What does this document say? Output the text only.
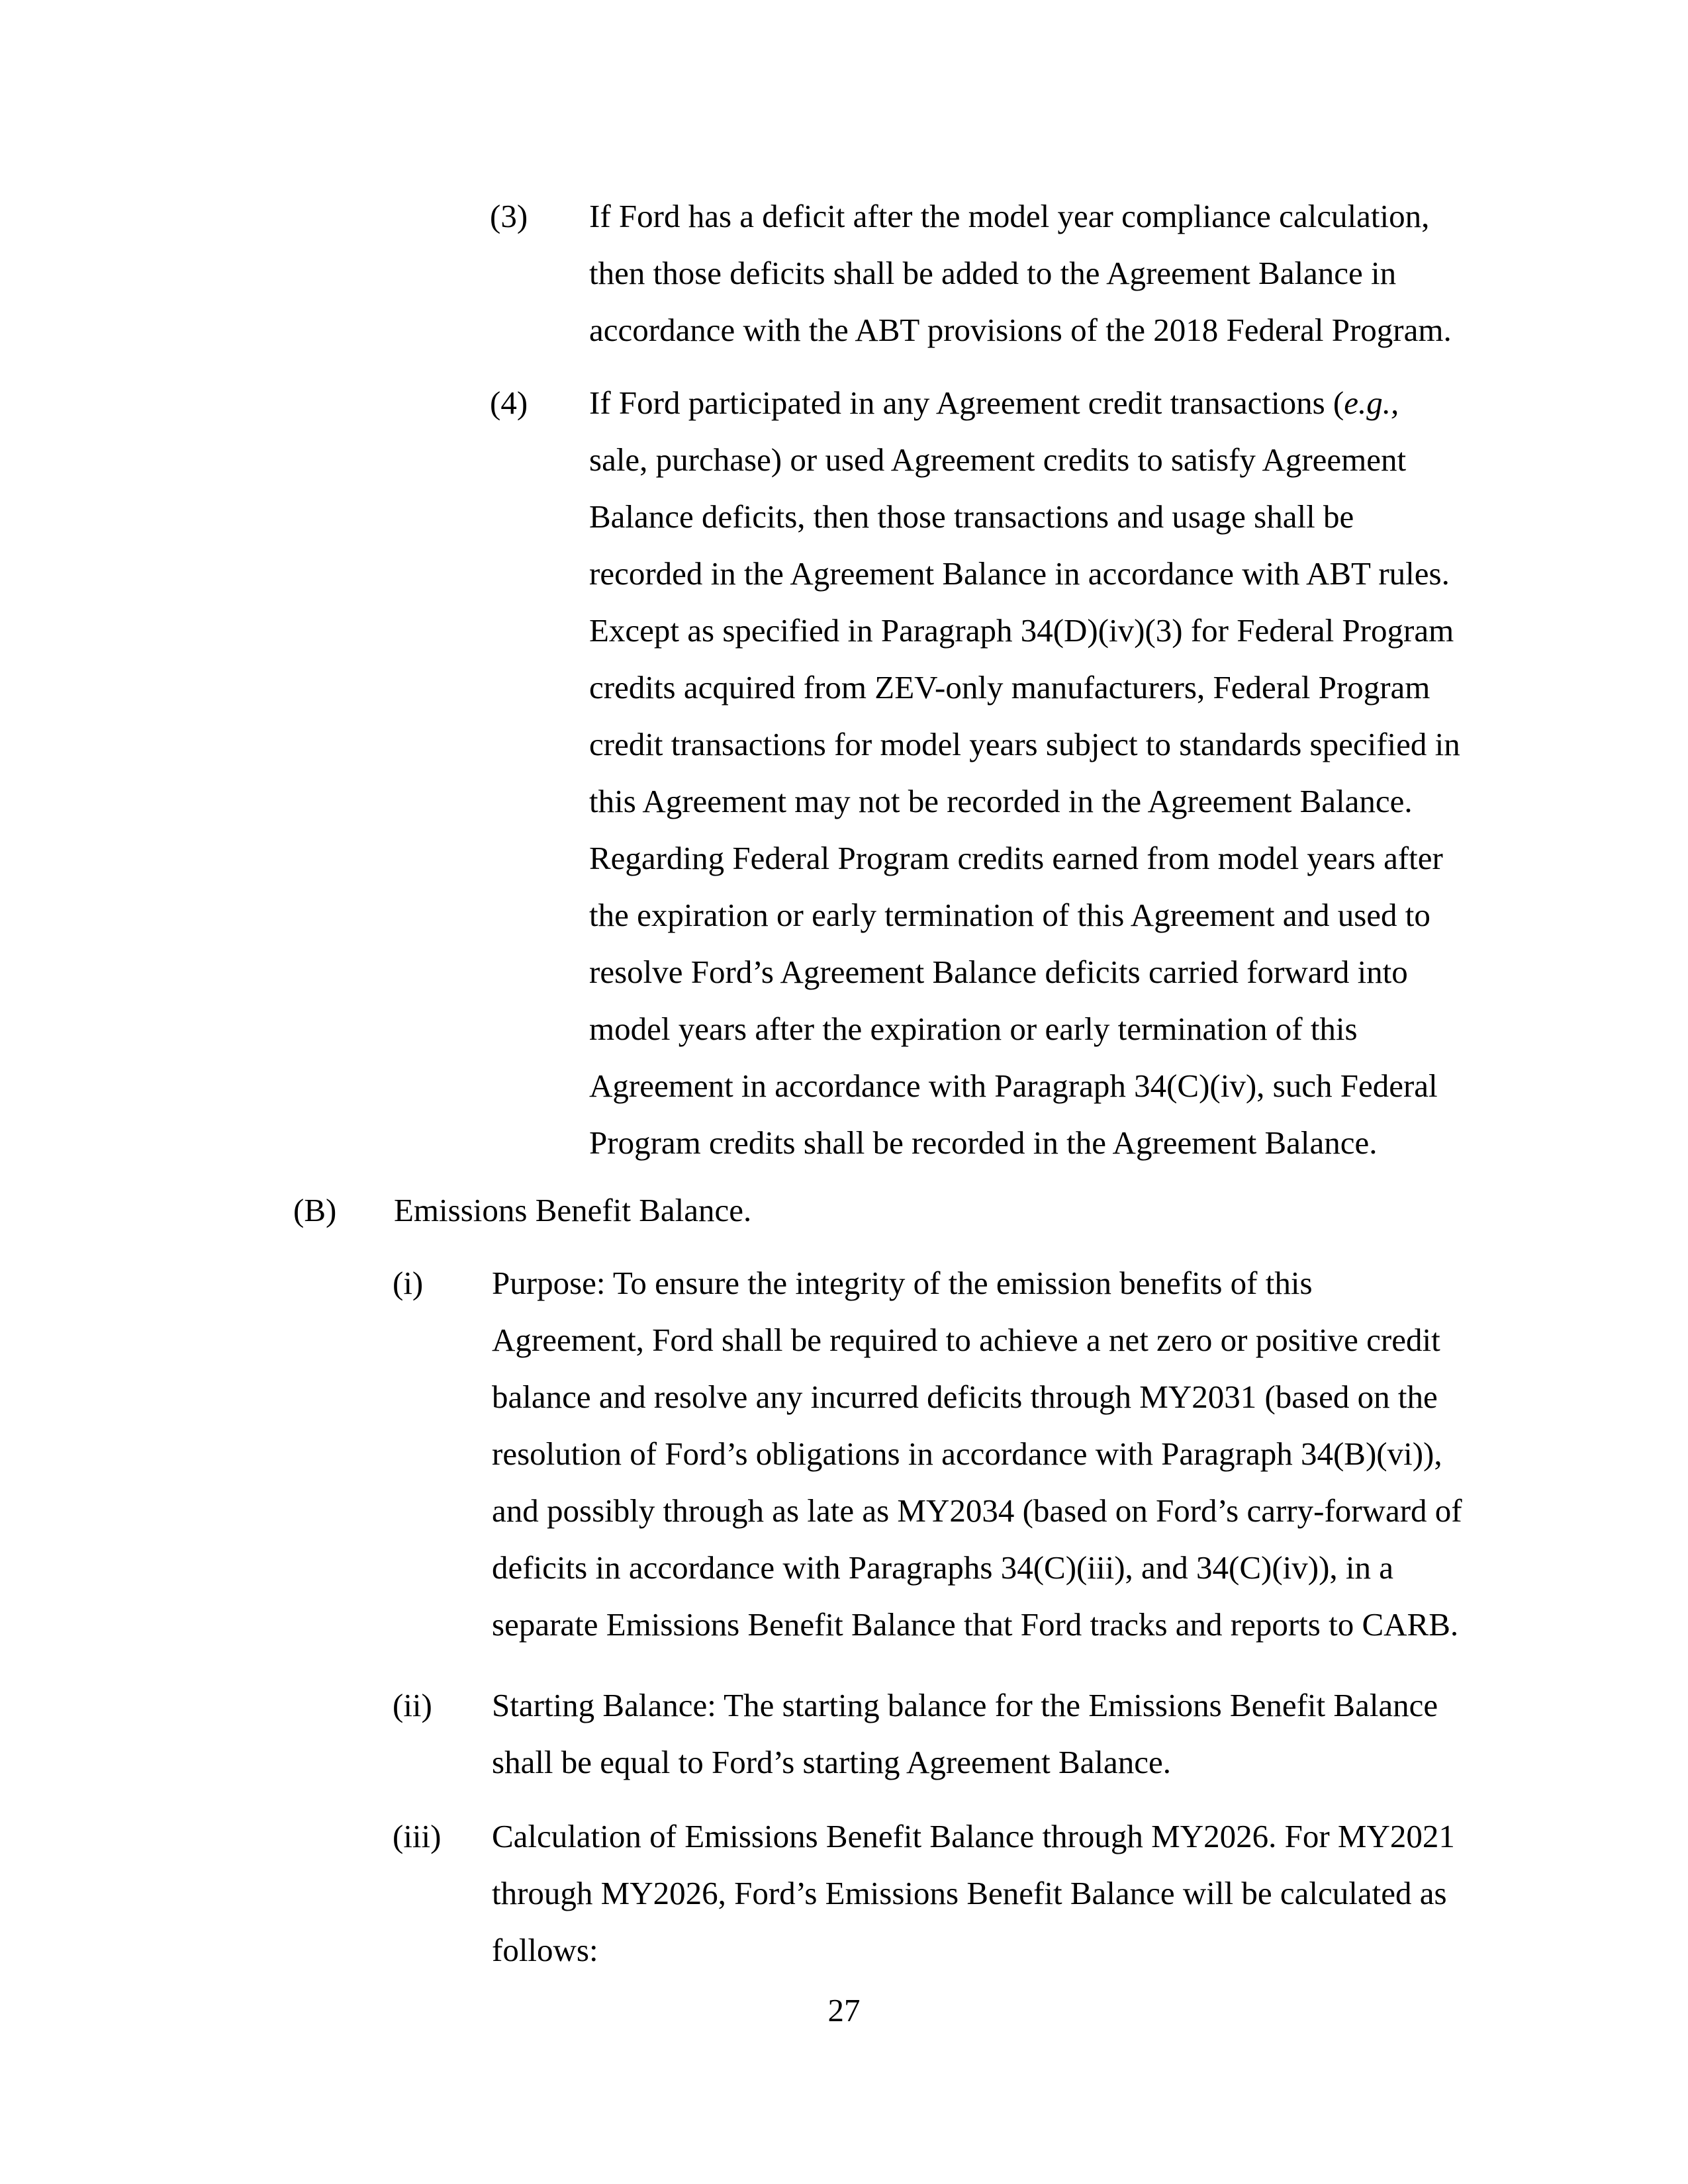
(3) If Ford has a deficit after the model year compliance calculation,
then those deficits shall be added to the Agreement Balance in
accordance with the ABT provisions of the 2018 Federal Program.
(4) If Ford participated in any Agreement credit transactions (e.g.,
sale, purchase) or used Agreement credits to satisfy Agreement
Balance deficits, then those transactions and usage shall be
recorded in the Agreement Balance in accordance with ABT rules.
Except as specified in Paragraph 34(D)(iv)(3) for Federal Program
credits acquired from ZEV-only manufacturers, Federal Program
credit transactions for model years subject to standards specified in
this Agreement may not be recorded in the Agreement Balance.
Regarding Federal Program credits earned from model years after
the expiration or early termination of this Agreement and used to
resolve Ford’s Agreement Balance deficits carried forward into
model years after the expiration or early termination of this
Agreement in accordance with Paragraph 34(C)(iv), such Federal
Program credits shall be recorded in the Agreement Balance.
(B) Emissions Benefit Balance.
(i) Purpose: To ensure the integrity of the emission benefits of this
Agreement, Ford shall be required to achieve a net zero or positive credit
balance and resolve any incurred deficits through MY2031 (based on the
resolution of Ford’s obligations in accordance with Paragraph 34(B)(vi)),
and possibly through as late as MY2034 (based on Ford’s carry-forward of
deficits in accordance with Paragraphs 34(C)(iii), and 34(C)(iv)), in a
separate Emissions Benefit Balance that Ford tracks and reports to CARB.
(ii) Starting Balance: The starting balance for the Emissions Benefit Balance
shall be equal to Ford’s starting Agreement Balance.
(iii) Calculation of Emissions Benefit Balance through MY2026. For MY2021
through MY2026, Ford’s Emissions Benefit Balance will be calculated as
follows:
27
